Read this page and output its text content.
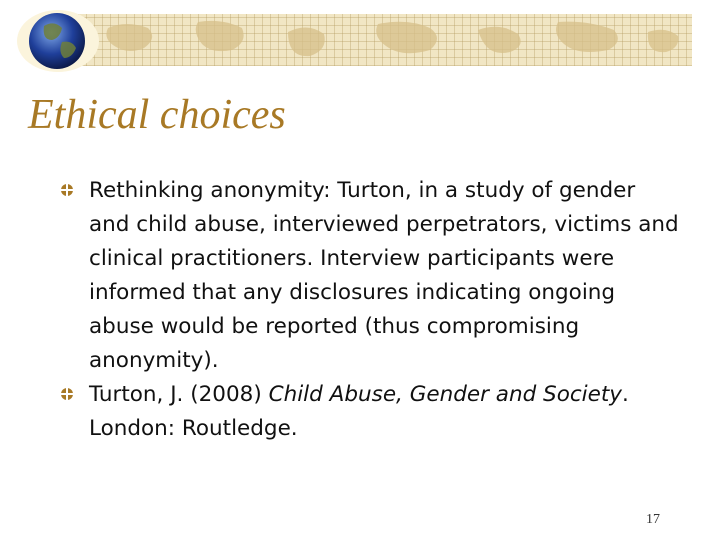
Ethical choices
Rethinking anonymity: Turton, in a study of gender and child abuse, interviewed perpetrators, victims and clinical practitioners. Interview participants were informed that any disclosures indicating ongoing abuse would be reported (thus compromising anonymity).
Turton, J. (2008) Child Abuse, Gender and Society. London: Routledge.
17
